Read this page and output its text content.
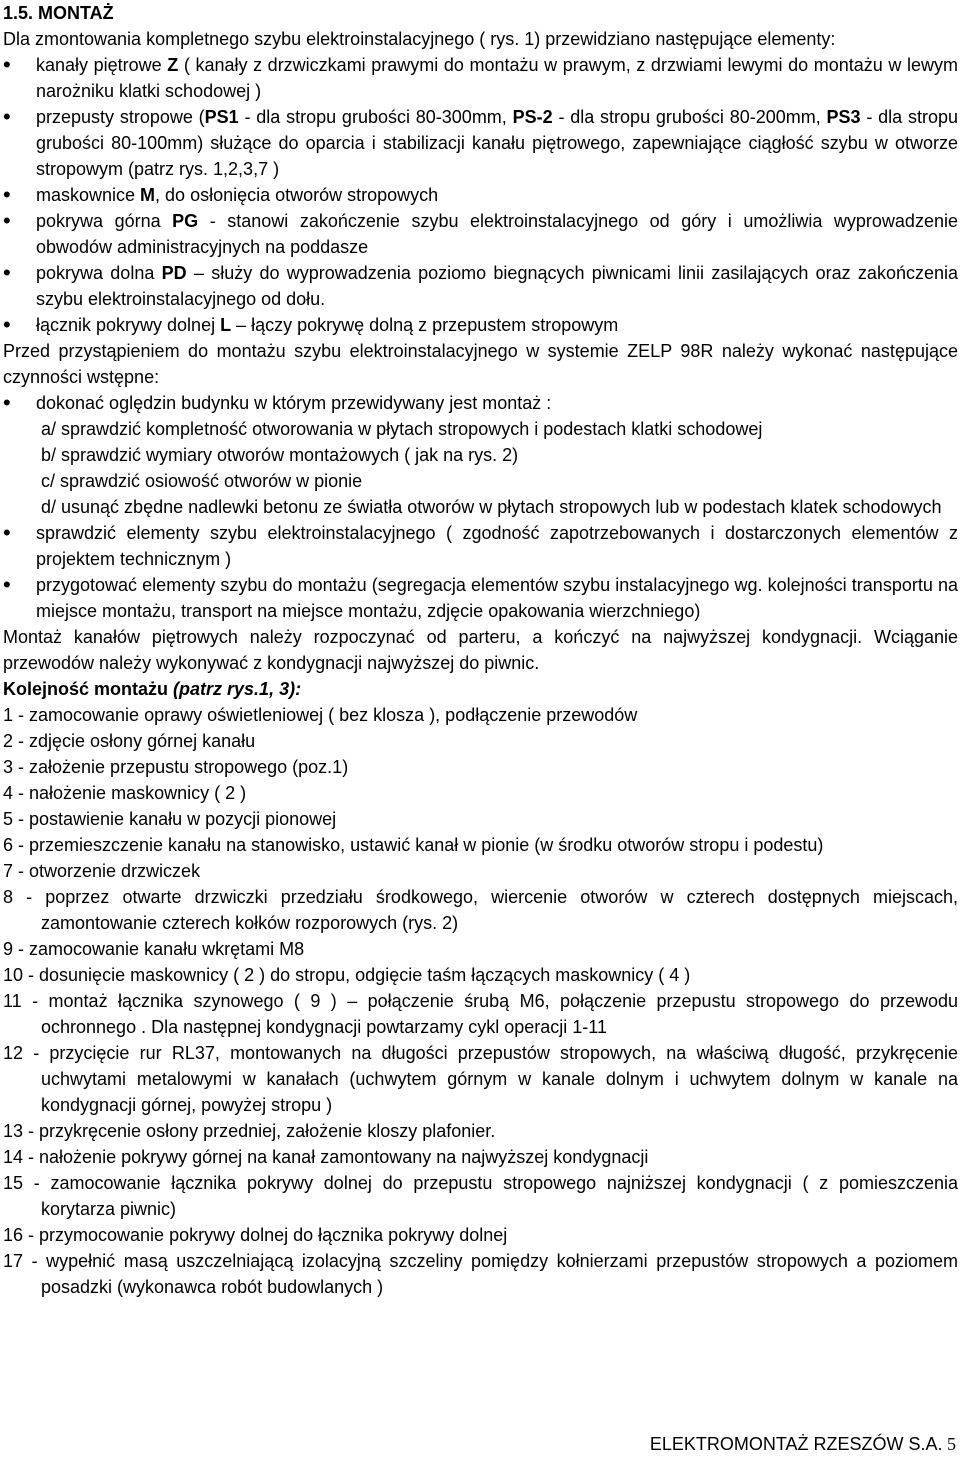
1.5. MONTAŻ

Dla zmontowania kompletnego szybu elektroinstalacyjnego ( rys. 1) przewidziano następujące elementy:

• kanały piętrowe Z ( kanały z drzwiczkami prawymi do montażu w prawym, z drzwiami lewymi do montażu w lewym narożniku klatki schodowej )
• przepusty stropowe (PS1 - dla stropu grubości 80-300mm, PS-2 - dla stropu grubości 80-200mm, PS3 - dla stropu grubości 80-100mm) służące do oparcia i stabilizacji kanału piętrowego, zapewniające ciągłość szybu w otworze stropowym (patrz rys. 1,2,3,7 )
• maskownice M, do osłonięcia otworów stropowych
• pokrywa górna PG - stanowi zakończenie szybu elektroinstalacyjnego od góry i umożliwia wyprowadzenie obwodów administracyjnych na poddasze
• pokrywa dolna PD – służy do wyprowadzenia poziomo biegnących piwnicami linii zasilających oraz zakończenia szybu elektroinstalacyjnego od dołu.
• łącznik pokrywy dolnej L – łączy pokrywę dolną z przepustem stropowym

Przed przystąpieniem do montażu szybu elektroinstalacyjnego w systemie ZELP 98R należy wykonać następujące czynności wstępne:

• dokonać oględzin budynku w którym przewidywany jest montaż :
a/ sprawdzić kompletność otworowania w płytach stropowych i podestach klatki schodowej
b/ sprawdzić wymiary otworów montażowych ( jak na rys. 2)
c/ sprawdzić osiowość otworów w pionie
d/ usunąć zbędne nadlewki betonu ze światła otworów w płytach stropowych lub w podestach klatek schodowych
• sprawdzić elementy szybu elektroinstalacyjnego ( zgodność zapotrzebowanych i dostarczonych elementów z projektem technicznym )
• przygotować elementy szybu do montażu (segregacja elementów szybu instalacyjnego wg. kolejności transportu na miejsce montażu, transport na miejsce montażu, zdjęcie opakowania wierzchniego)

Montaż kanałów piętrowych należy rozpoczynać od parteru, a kończyć na najwyższej kondygnacji. Wciąganie przewodów należy wykonywać z kondygnacji najwyższej do piwnic.

Kolejność montażu (patrz rys.1, 3):

1 - zamocowanie oprawy oświetleniowej ( bez klosza ), podłączenie przewodów
2 - zdjęcie osłony górnej kanału
3 - założenie przepustu stropowego (poz.1)
4 - nałożenie maskownicy ( 2 )
5 - postawienie kanału w pozycji pionowej
6 - przemieszczenie kanału na stanowisko, ustawić kanał w pionie (w środku otworów stropu i podestu)
7 - otworzenie drzwiczek
8 - poprzez otwarte drzwiczki przedziału środkowego, wiercenie otworów w czterech dostępnych miejscach, zamontowanie czterech kołków rozporowych (rys. 2)
9 - zamocowanie kanału wkrętami M8
10 - dosunięcie maskownicy ( 2 ) do stropu, odgięcie taśm łączących maskownicy ( 4 )
11 - montaż łącznika szynowego ( 9 ) – połączenie śrubą M6, połączenie przepustu stropowego do przewodu ochronnego . Dla następnej kondygnacji powtarzamy cykl operacji 1-11
12 - przycięcie rur RL37, montowanych na długości przepustów stropowych, na właściwą długość, przykręcenie uchwytami metalowymi w kanałach (uchwytem górnym w kanale dolnym i uchwytem dolnym w kanale na kondygnacji górnej, powyżej stropu )
13 - przykręcenie osłony przedniej, założenie kloszy plafonier.
14 - nałożenie pokrywy górnej na kanał zamontowany na najwyższej kondygnacji
15 - zamocowanie łącznika pokrywy dolnej do przepustu stropowego najniższej kondygnacji ( z pomieszczenia korytarza piwnic)
16 - przymocowanie pokrywy dolnej do łącznika pokrywy dolnej
17 - wypełnić masą uszczelniającą izolacyjną szczeliny pomiędzy kołnierzami przepustów stropowych a poziomem posadzki (wykonawca robót budowlanych )
ELEKTROMONTAŻ RZESZÓW S.A. 5
